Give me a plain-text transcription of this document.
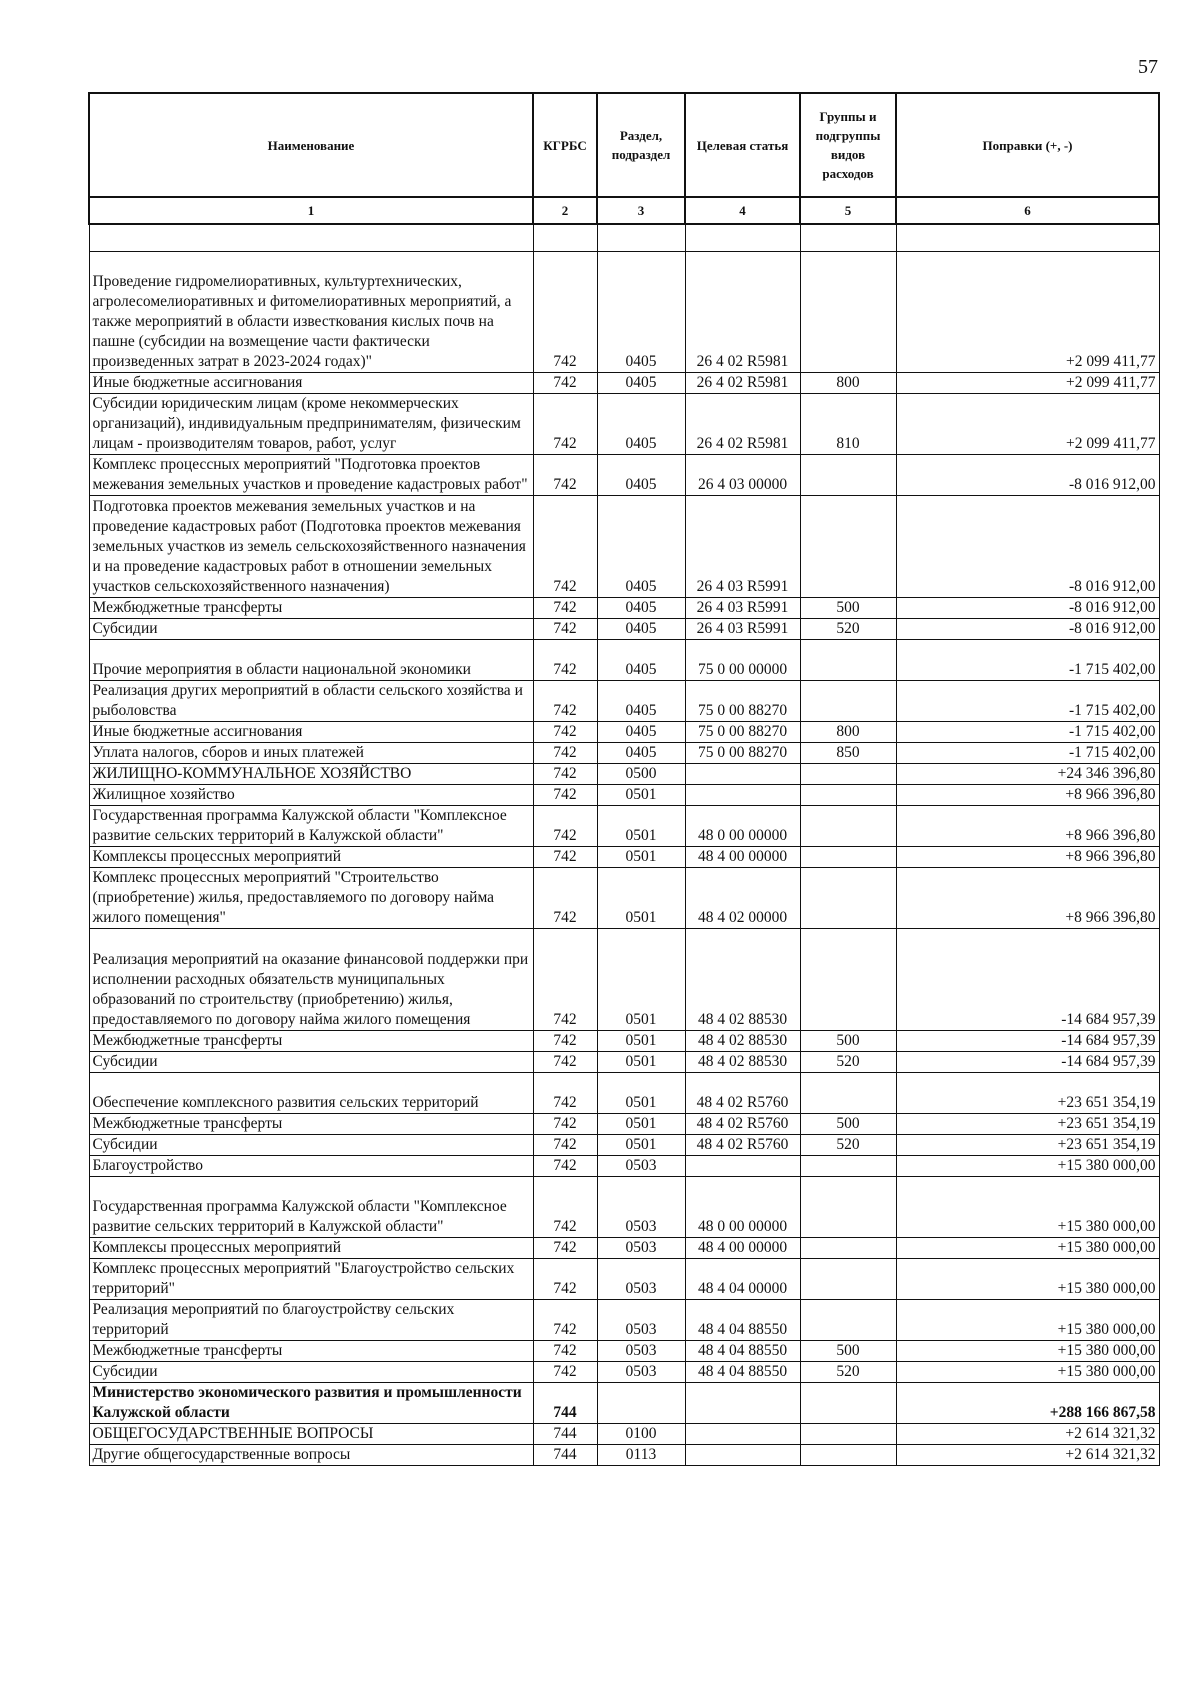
57
Наименование	КГРБС	Раздел, подраздел	Целевая статья	Группы и подгруппы видов расходов	Поправки (+, -)
1	2	3	4	5	6

Проведение гидромелиоративных, культуртехнических, агролесомелиоративных и фитомелиоративных мероприятий, а также мероприятий в области известкования кислых почв на пашне (субсидии на возмещение части фактически произведенных затрат в 2023-2024 годах)"	742	0405	26 4 02 R5981		+2 099 411,77
Иные бюджетные ассигнования	742	0405	26 4 02 R5981	800	+2 099 411,77
Субсидии юридическим лицам (кроме некоммерческих организаций), индивидуальным предпринимателям, физическим лицам - производителям товаров, работ, услуг	742	0405	26 4 02 R5981	810	+2 099 411,77
Комплекс процессных мероприятий "Подготовка проектов межевания земельных участков и проведение кадастровых работ"	742	0405	26 4 03 00000		-8 016 912,00
Подготовка проектов межевания земельных участков и на проведение кадастровых работ (Подготовка проектов межевания земельных участков из земель сельскохозяйственного назначения и на проведение кадастровых работ в отношении земельных участков сельскохозяйственного назначения)	742	0405	26 4 03 R5991		-8 016 912,00
Межбюджетные трансферты	742	0405	26 4 03 R5991	500	-8 016 912,00
Субсидии	742	0405	26 4 03 R5991	520	-8 016 912,00
Прочие мероприятия в области национальной экономики	742	0405	75 0 00 00000		-1 715 402,00
Реализация других мероприятий в области сельского хозяйства и рыболовства	742	0405	75 0 00 88270		-1 715 402,00
Иные бюджетные ассигнования	742	0405	75 0 00 88270	800	-1 715 402,00
Уплата налогов, сборов и иных платежей	742	0405	75 0 00 88270	850	-1 715 402,00
ЖИЛИЩНО-КОММУНАЛЬНОЕ ХОЗЯЙСТВО	742	0500			+24 346 396,80
Жилищное хозяйство	742	0501			+8 966 396,80
Государственная программа Калужской области "Комплексное развитие сельских территорий в Калужской области"	742	0501	48 0 00 00000		+8 966 396,80
Комплексы процессных мероприятий	742	0501	48 4 00 00000		+8 966 396,80
Комплекс процессных мероприятий "Строительство (приобретение) жилья, предоставляемого по договору найма жилого помещения"	742	0501	48 4 02 00000		+8 966 396,80
Реализация мероприятий на оказание финансовой поддержки при исполнении расходных обязательств муниципальных образований по строительству (приобретению) жилья, предоставляемого по договору найма жилого помещения	742	0501	48 4 02 88530		-14 684 957,39
Межбюджетные трансферты	742	0501	48 4 02 88530	500	-14 684 957,39
Субсидии	742	0501	48 4 02 88530	520	-14 684 957,39
Обеспечение комплексного развития сельских территорий	742	0501	48 4 02 R5760		+23 651 354,19
Межбюджетные трансферты	742	0501	48 4 02 R5760	500	+23 651 354,19
Субсидии	742	0501	48 4 02 R5760	520	+23 651 354,19
Благоустройство	742	0503			+15 380 000,00
Государственная программа Калужской области "Комплексное развитие сельских территорий в Калужской области"	742	0503	48 0 00 00000		+15 380 000,00
Комплексы процессных мероприятий	742	0503	48 4 00 00000		+15 380 000,00
Комплекс процессных мероприятий "Благоустройство сельских территорий"	742	0503	48 4 04 00000		+15 380 000,00
Реализация мероприятий по благоустройству сельских территорий	742	0503	48 4 04 88550		+15 380 000,00
Межбюджетные трансферты	742	0503	48 4 04 88550	500	+15 380 000,00
Субсидии	742	0503	48 4 04 88550	520	+15 380 000,00
Министерство экономического развития и промышленности Калужской области	744				+288 166 867,58
ОБЩЕГОСУДАРСТВЕННЫЕ ВОПРОСЫ	744	0100			+2 614 321,32
Другие общегосударственные вопросы	744	0113			+2 614 321,32
